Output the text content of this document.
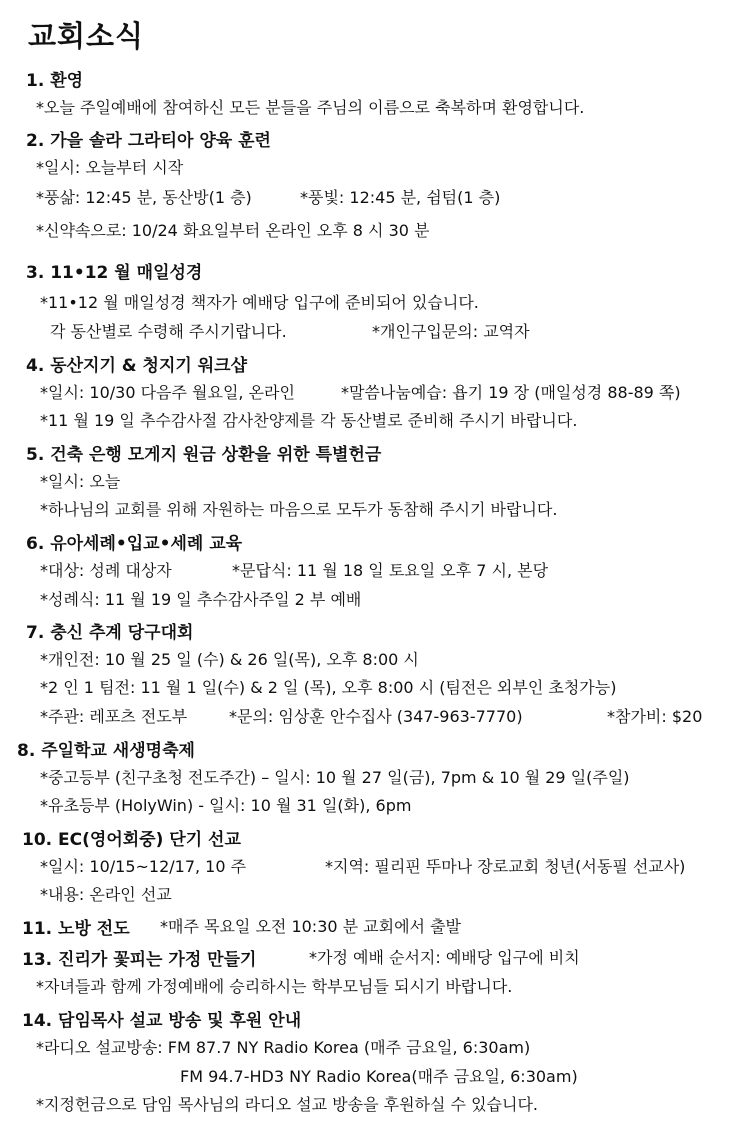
교회소식
1. 환영
*오늘 주일예배에 참여하신 모든 분들을 주님의 이름으로 축복하며 환영합니다.
2. 가을 솔라 그라티아 양육 훈련
*일시: 오늘부터 시작
*풍삶: 12:45 분, 동산방(1 층)	*풍빛: 12:45 분, 쉼텀(1 층)
*신약속으로: 10/24 화요일부터 온라인 오후 8 시 30 분
3. 11•12 월 매일성경
*11•12 월 매일성경 책자가 예배당 입구에 준비되어 있습니다.
각 동산별로 수령해 주시기랍니다.	*개인구입문의: 교역자
4. 동산지기 & 청지기 워크샵
*일시: 10/30 다음주 월요일, 온라인	*말씀나눔예습: 욥기 19 장 (매일성경 88-89 쪽)
*11 월 19 일 추수감사절 감사찬양제를 각 동산별로 준비해 주시기 바랍니다.
5. 건축 은행 모게지 원금 상환을 위한 특별헌금
*일시: 오늘
*하나님의 교회를 위해 자원하는 마음으로 모두가 동참해 주시기 바랍니다.
6. 유아세례•입교•세례 교육
*대상: 성례 대상자	*문답식: 11 월 18 일 토요일 오후 7 시, 본당
*성례식: 11 월 19 일 추수감사주일 2 부 예배
7. 충신 추계 당구대회
*개인전: 10 월 25 일 (수) & 26 일(목), 오후 8:00 시
*2 인 1 팀전: 11 월 1 일(수) & 2 일 (목), 오후 8:00 시 (팀전은 외부인 초청가능)
*주관: 레포츠 전도부	*문의: 임상훈 안수집사 (347-963-7770)	*참가비: $20
8. 주일학교 새생명축제
*중고등부 (친구초청 전도주간) – 일시: 10 월 27 일(금), 7pm & 10 월 29 일(주일)
*유초등부 (HolyWin) - 일시: 10 월 31 일(화), 6pm
10. EC(영어회중) 단기 선교
*일시: 10/15~12/17, 10 주	*지역: 필리핀 뚜마나 장로교회 청년(서동필 선교사)
*내용: 온라인 선교
11. 노방 전도 *매주 목요일 오전 10:30 분 교회에서 출발
13. 진리가 꽃피는 가정 만들기	*가정 예배 순서지: 예배당 입구에 비치
*자녀들과 함께 가정예배에 승리하시는 학부모님들 되시기 바랍니다.
14. 담임목사 설교 방송 및 후원 안내
*라디오 설교방송: FM 87.7 NY Radio Korea (매주 금요일, 6:30am)
FM 94.7-HD3 NY Radio Korea(매주 금요일, 6:30am)
*지정헌금으로 담임 목사님의 라디오 설교 방송을 후원하실 수 있습니다.
